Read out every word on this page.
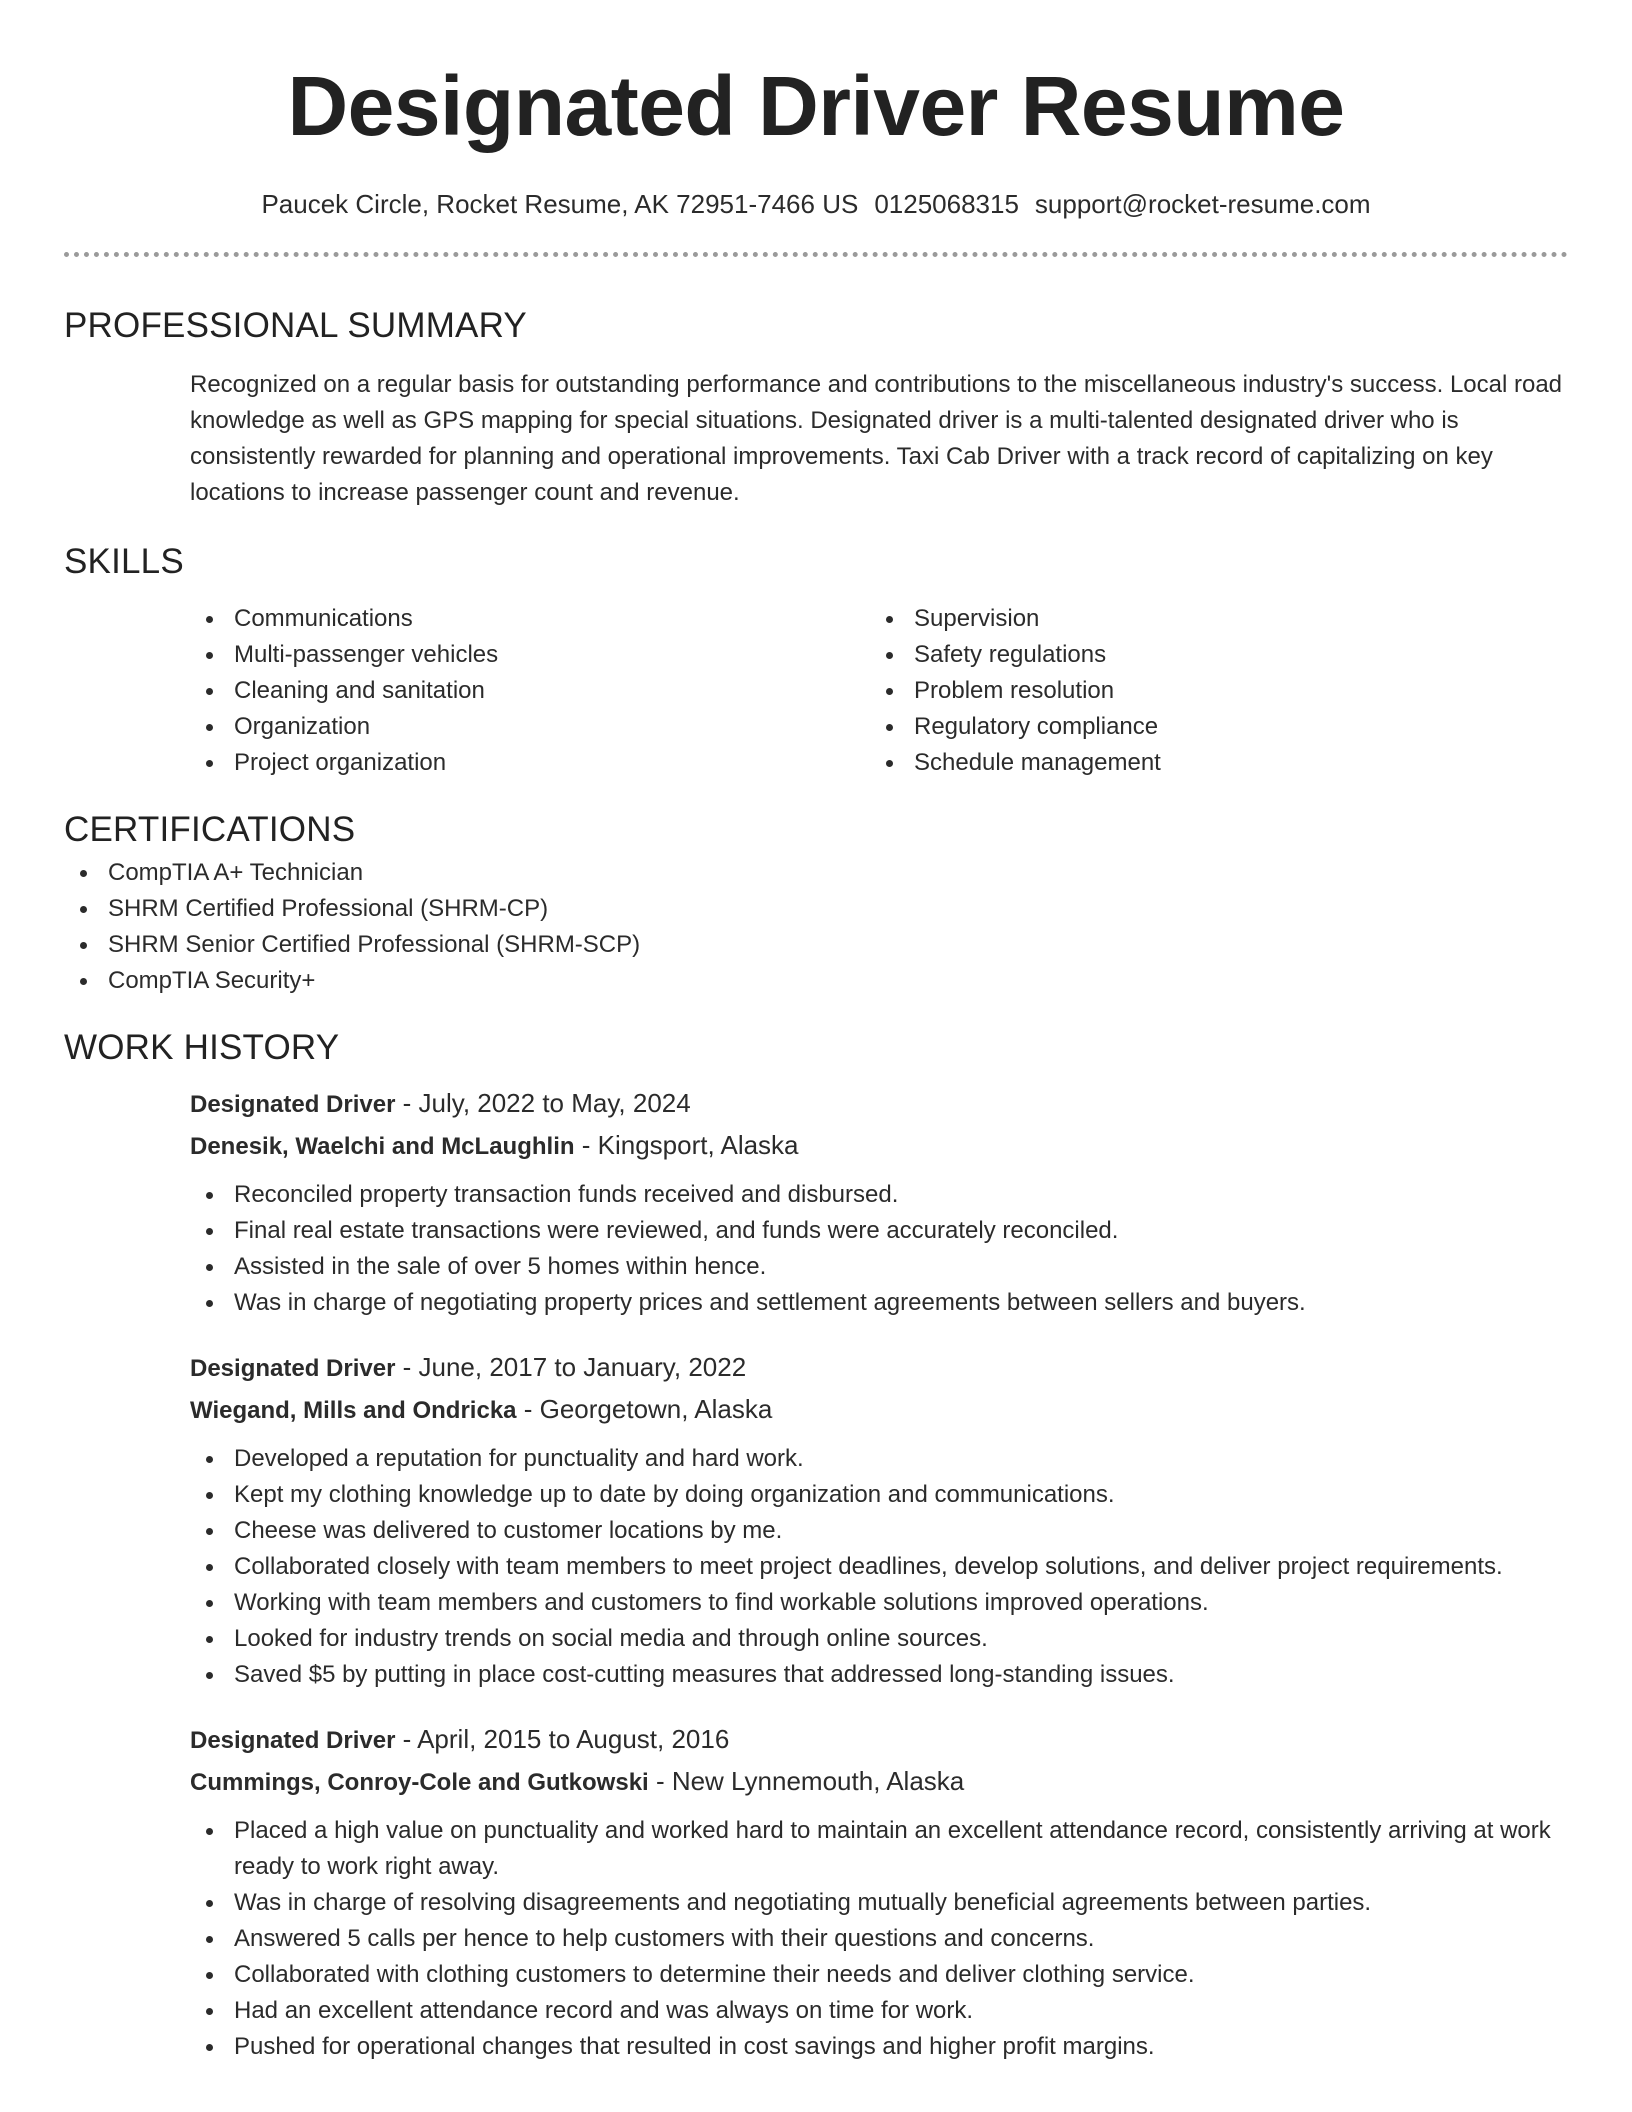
Designated Driver Resume
Paucek Circle, Rocket Resume, AK 72951-7466 US 0125068315 support@rocket-resume.com
PROFESSIONAL SUMMARY

Recognized on a regular basis for outstanding performance and contributions to the miscellaneous industry's success. Local road knowledge as well as GPS mapping for special situations. Designated driver is a multi-talented designated driver who is consistently rewarded for planning and operational improvements. Taxi Cab Driver with a track record of capitalizing on key locations to increase passenger count and revenue.

SKILLS
Communications
Multi-passenger vehicles
Cleaning and sanitation
Organization
Project organization
Supervision
Safety regulations
Problem resolution
Regulatory compliance
Schedule management
CERTIFICATIONS
CompTIA A+ Technician
SHRM Certified Professional (SHRM-CP)
SHRM Senior Certified Professional (SHRM-SCP)
CompTIA Security+
WORK HISTORY
Designated Driver - July, 2022 to May, 2024
Denesik, Waelchi and McLaughlin - Kingsport, Alaska
Reconciled property transaction funds received and disbursed.
Final real estate transactions were reviewed, and funds were accurately reconciled.
Assisted in the sale of over 5 homes within hence.
Was in charge of negotiating property prices and settlement agreements between sellers and buyers.
Designated Driver - June, 2017 to January, 2022
Wiegand, Mills and Ondricka - Georgetown, Alaska
Developed a reputation for punctuality and hard work.
Kept my clothing knowledge up to date by doing organization and communications.
Cheese was delivered to customer locations by me.
Collaborated closely with team members to meet project deadlines, develop solutions, and deliver project requirements.
Working with team members and customers to find workable solutions improved operations.
Looked for industry trends on social media and through online sources.
Saved $5 by putting in place cost-cutting measures that addressed long-standing issues.
Designated Driver - April, 2015 to August, 2016
Cummings, Conroy-Cole and Gutkowski - New Lynnemouth, Alaska
Placed a high value on punctuality and worked hard to maintain an excellent attendance record, consistently arriving at work ready to work right away.
Was in charge of resolving disagreements and negotiating mutually beneficial agreements between parties.
Answered 5 calls per hence to help customers with their questions and concerns.
Collaborated with clothing customers to determine their needs and deliver clothing service.
Had an excellent attendance record and was always on time for work.
Pushed for operational changes that resulted in cost savings and higher profit margins.
